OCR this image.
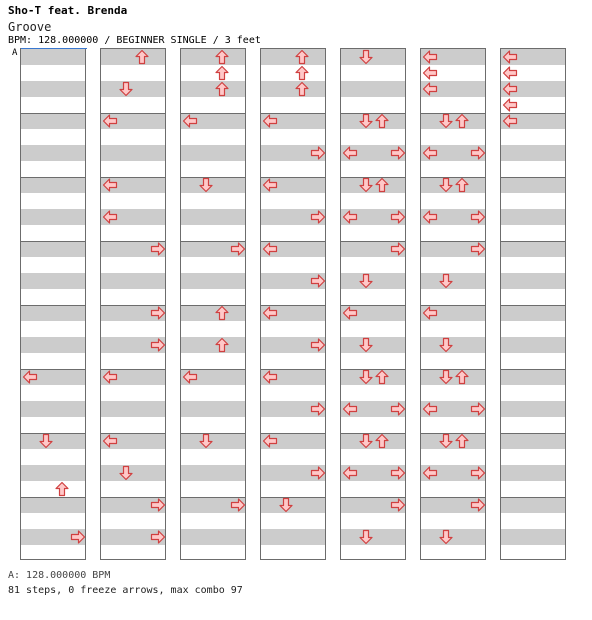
Sho-T feat. Brenda
Groove
BPM: 128.000000 / BEGINNER SINGLE / 3 feet
A
A: 128.000000 BPM
81 steps, 0 freeze arrows, max combo 97
